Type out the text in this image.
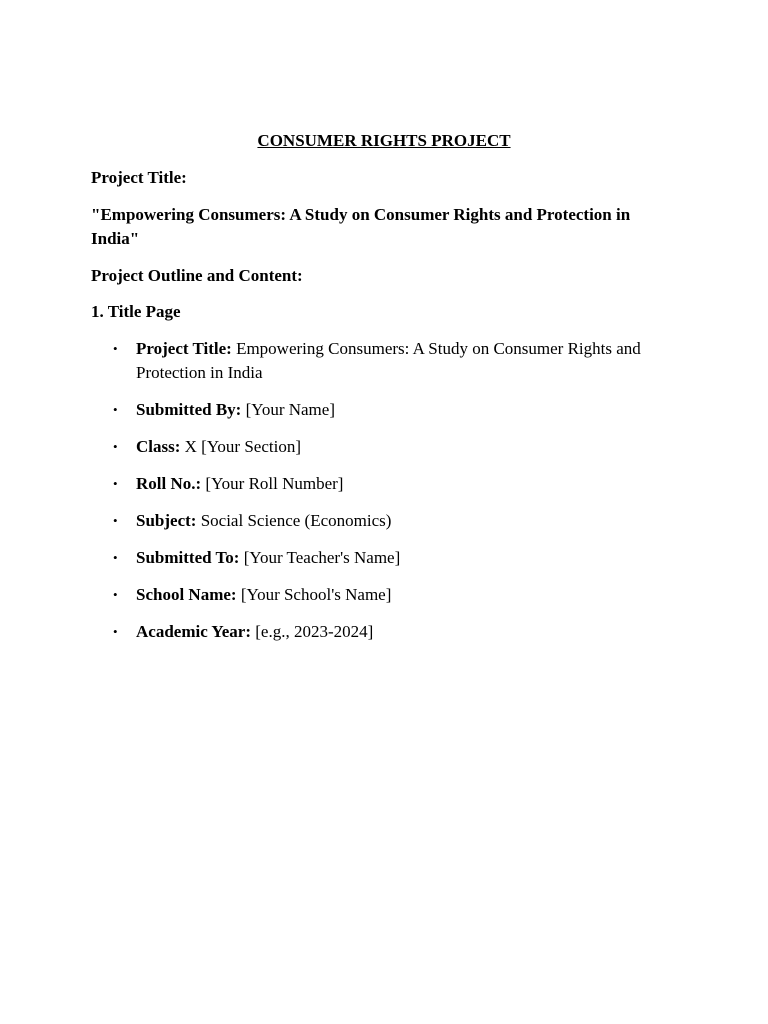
CONSUMER RIGHTS PROJECT

Project Title:

"Empowering Consumers: A Study on Consumer Rights and Protection in India"

Project Outline and Content:

1. Title Page

• Project Title: Empowering Consumers: A Study on Consumer Rights and Protection in India
• Submitted By: [Your Name]
• Class: X [Your Section]
• Roll No.: [Your Roll Number]
• Subject: Social Science (Economics)
• Submitted To: [Your Teacher's Name]
• School Name: [Your School's Name]
• Academic Year: [e.g., 2023-2024]
